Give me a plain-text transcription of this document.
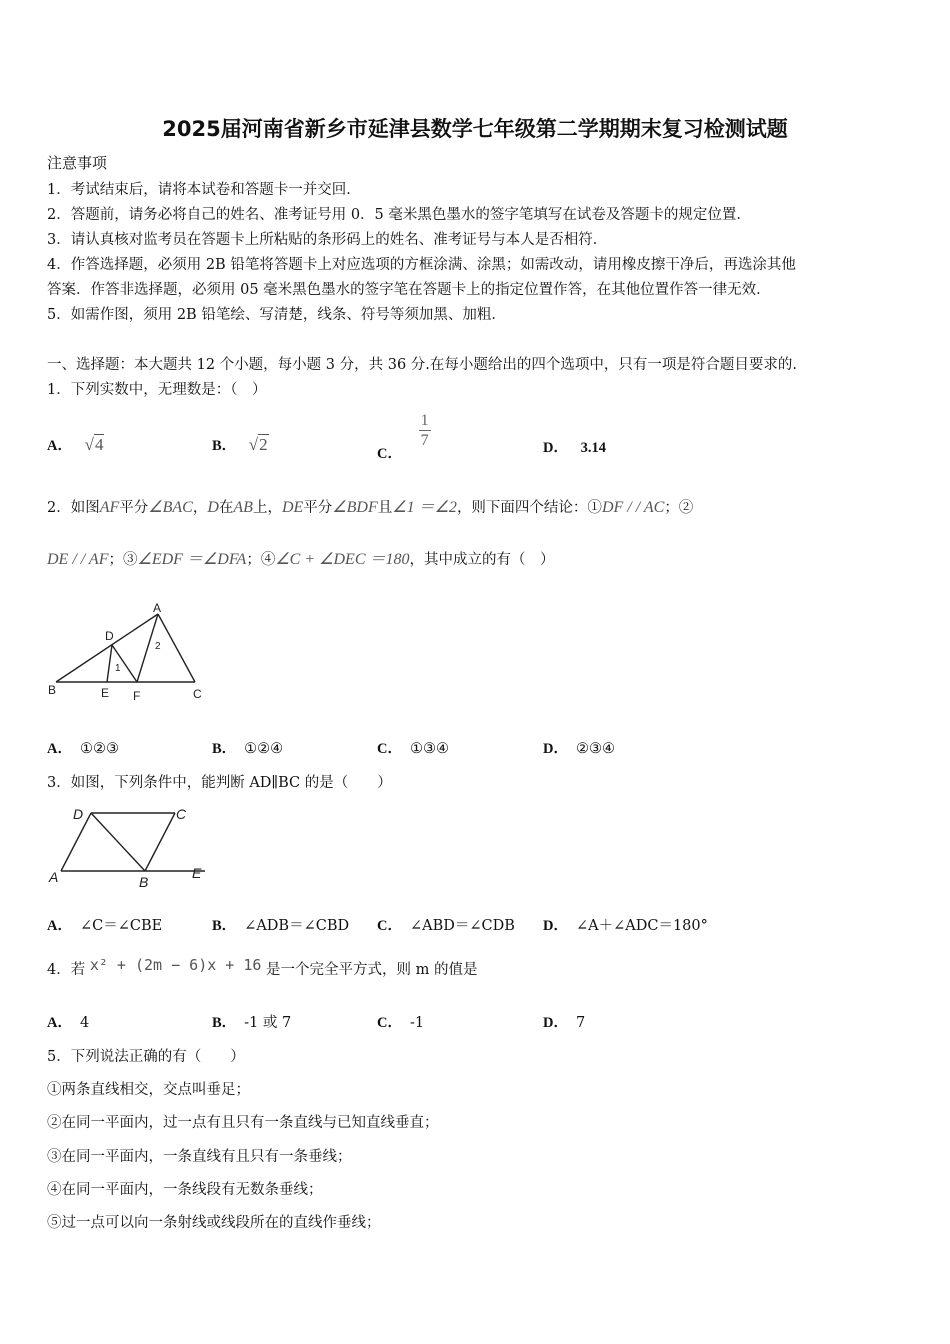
2025届河南省新乡市延津县数学七年级第二学期期末复习检测试题
注意事项
1．考试结束后，请将本试卷和答题卡一并交回．
2．答题前，请务必将自己的姓名、准考证号用 0．5 毫米黑色墨水的签字笔填写在试卷及答题卡的规定位置．
3．请认真核对监考员在答题卡上所粘贴的条形码上的姓名、准考证号与本人是否相符．
4．作答选择题，必须用 2B 铅笔将答题卡上对应选项的方框涂满、涂黑；如需改动，请用橡皮擦干净后，再选涂其他
答案．作答非选择题，必须用 05 毫米黑色墨水的签字笔在答题卡上的指定位置作答，在其他位置作答一律无效．
5．如需作图，须用 2B 铅笔绘、写清楚，线条、符号等须加黑、加粗．
一、选择题：本大题共 12 个小题，每小题 3 分，共 36 分.在每小题给出的四个选项中，只有一项是符合题目要求的.
1．下列实数中，无理数是：（　）
A． √4	B． √2	C．
$\frac{1}{7}$	D． 3.14
2．如图AF平分∠BAC，D在AB上，DE平分∠BDF且∠1 ＝∠2，则下面四个结论：①DF / / AC；②
DE / / AF；③∠EDF ＝∠DFA；④∠C + ∠DEC ＝180，其中成立的有（　）
A
B	C
D
E F
1
2
A． ①②③	B． ①②④	C． ①③④	D． ②③④
3．如图，下列条件中，能判断 AD∥BC 的是（　　）
A	B
C
D
E
A． ∠C＝∠CBE	B． ∠ADB＝∠CBD C． ∠ABD＝∠CDB D． ∠A＋∠ADC＝180°
4．若 x² + (2m − 6)x + 16 是一个完全平方式，则 m 的值是
A． 4	B． -1 或 7	C． -1	D． 7
5．下列说法正确的有（　　）
①两条直线相交，交点叫垂足；
②在同一平面内，过一点有且只有一条直线与已知直线垂直；
③在同一平面内，一条直线有且只有一条垂线；
④在同一平面内，一条线段有无数条垂线；
⑤过一点可以向一条射线或线段所在的直线作垂线；
